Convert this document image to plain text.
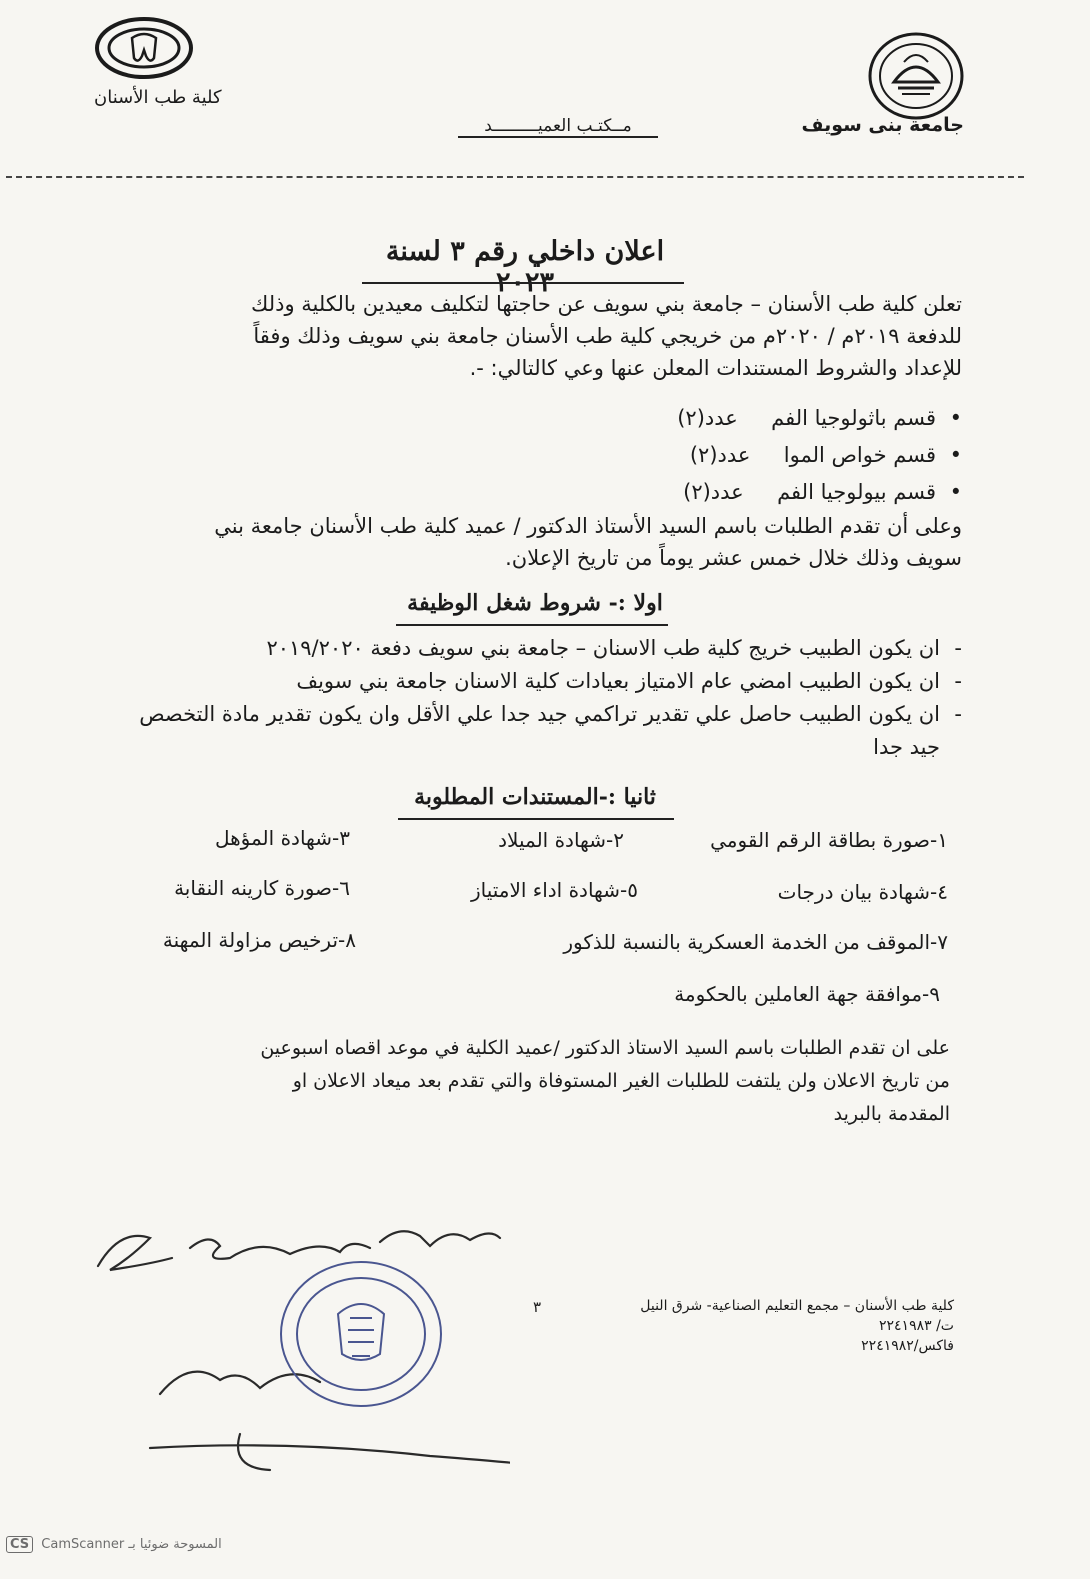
جامعة بنى سويف
كلية طب الأسنان
مــكتـب العميـــــــــد
اعلان داخلي رقم ٣ لسنة ٢٠٢٣
تعلن كلية طب الأسنان – جامعة بني سويف عن حاجتها لتكليف معيدين بالكلية وذلك
للدفعة ٢٠١٩م / ٢٠٢٠م من خريجي كلية طب الأسنان جامعة بني سويف وذلك وفقاً
للإعداد والشروط المستندات المعلن عنها وعي كالتالي: -.
• قسم باثولوجيا الفم     عدد(٢)
• قسم خواص الموا     عدد(٢)
• قسم بيولوجيا الفم     عدد(٢)
وعلى أن تقدم الطلبات باسم السيد الأستاذ الدكتور / عميد كلية طب الأسنان جامعة بني
سويف وذلك خلال خمس عشر يوماً من تاريخ الإعلان.
اولا :- شروط شغل الوظيفة
- ان يكون الطبيب خريج كلية طب الاسنان – جامعة بني سويف دفعة ٢٠١٩/٢٠٢٠
- ان يكون الطبيب امضي عام الامتياز بعيادات كلية الاسنان جامعة بني سويف
- ان يكون الطبيب حاصل علي تقدير تراكمي جيد جدا علي الأقل وان يكون تقدير مادة التخصص جيد جدا
ثانيا :-المستندات المطلوبة
١-صورة بطاقة الرقم القومي
٢-شهادة الميلاد
٣-شهادة المؤهل
٤-شهادة بيان درجات
٥-شهادة اداء الامتياز
٦-صورة كارينه النقابة
٧-الموقف من الخدمة العسكرية بالنسبة للذكور
٨-ترخيص مزاولة المهنة
٩-موافقة جهة العاملين بالحكومة
على ان تقدم الطلبات باسم السيد الاستاذ الدكتور /عميد الكلية في موعد اقصاه اسبوعين
من تاريخ الاعلان ولن يلتفت للطلبات الغير المستوفاة والتي تقدم بعد ميعاد الاعلان او
المقدمة بالبريد
كلية طب الأسنان – مجمع التعليم الصناعية- شرق النيل
ت/ ٢٢٤١٩٨٣
فاكس/٢٢٤١٩٨٢
٣
CS CamScanner المسوحة ضوئيا بـ
